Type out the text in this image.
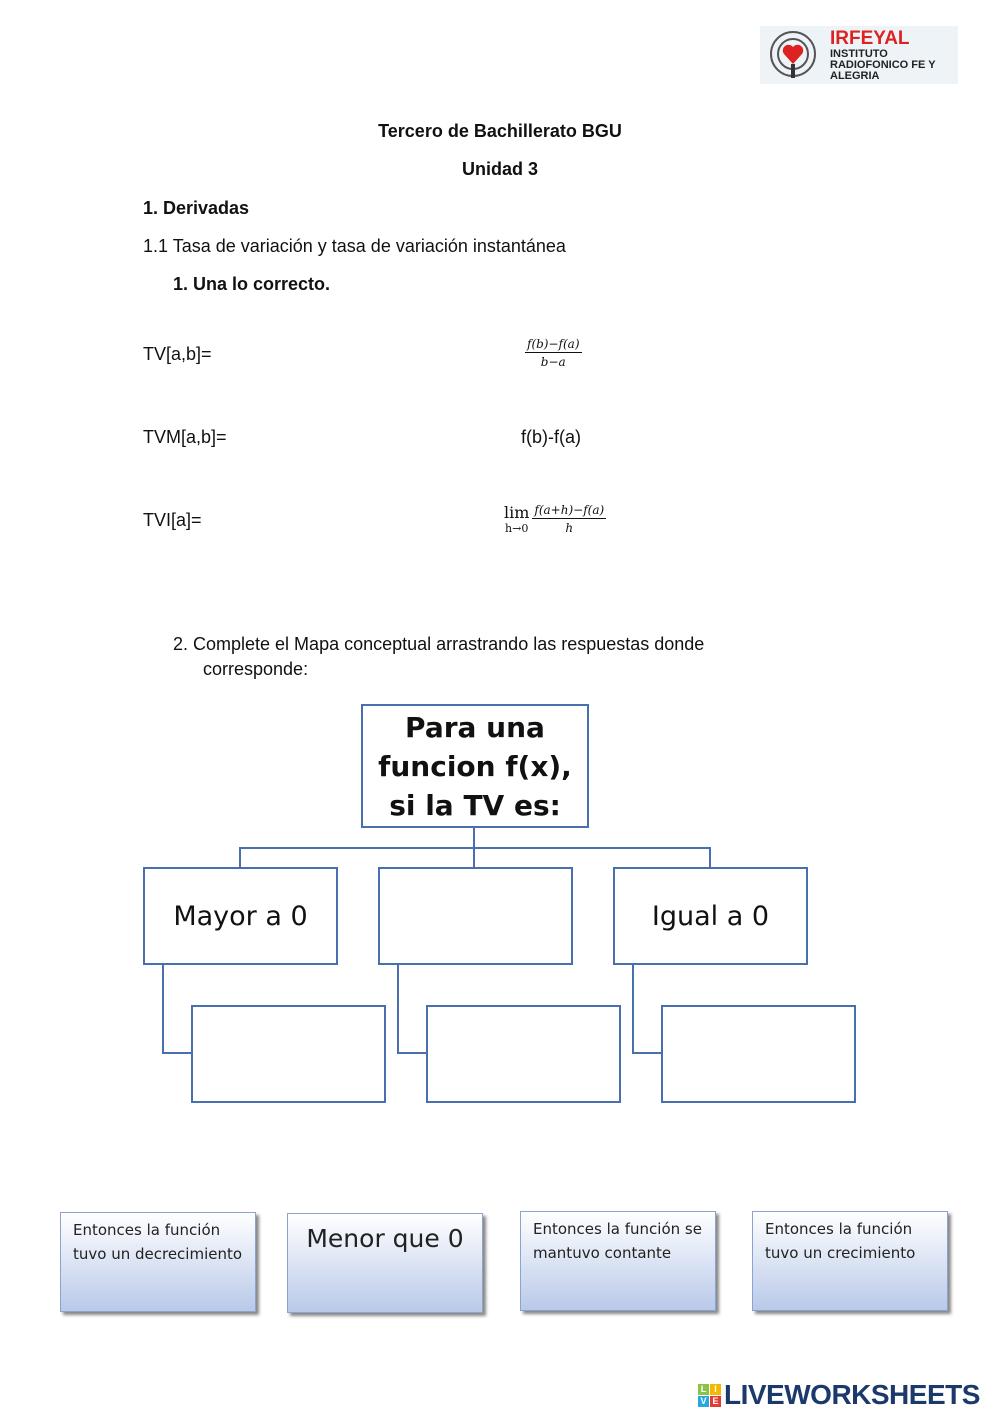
IRFEYAL
INSTITUTO RADIOFONICO FE Y ALEGRIA
Tercero de Bachillerato BGU
Unidad 3
1. Derivadas
1.1 Tasa de variación y tasa de variación instantánea
1. Una lo correcto.
TV[a,b]=
TVM[a,b]=
TVI[a]=
$\frac{f(b)-f(a)}{b-a}$
f(b)-f(a)
lim
$h\to 0 \frac{f(a+h)-f(a)}{h}$
2. Complete el Mapa conceptual arrastrando las respuestas donde
corresponde:
Para una funcion f(x), si la TV es:
Mayor a 0	Igual a 0
Entonces la función tuvo un decrecimiento
Menor que 0	Entonces la función se mantuvo contante
Entonces la función tuvo un crecimiento
L I
V E LIVEWORKSHEETS
